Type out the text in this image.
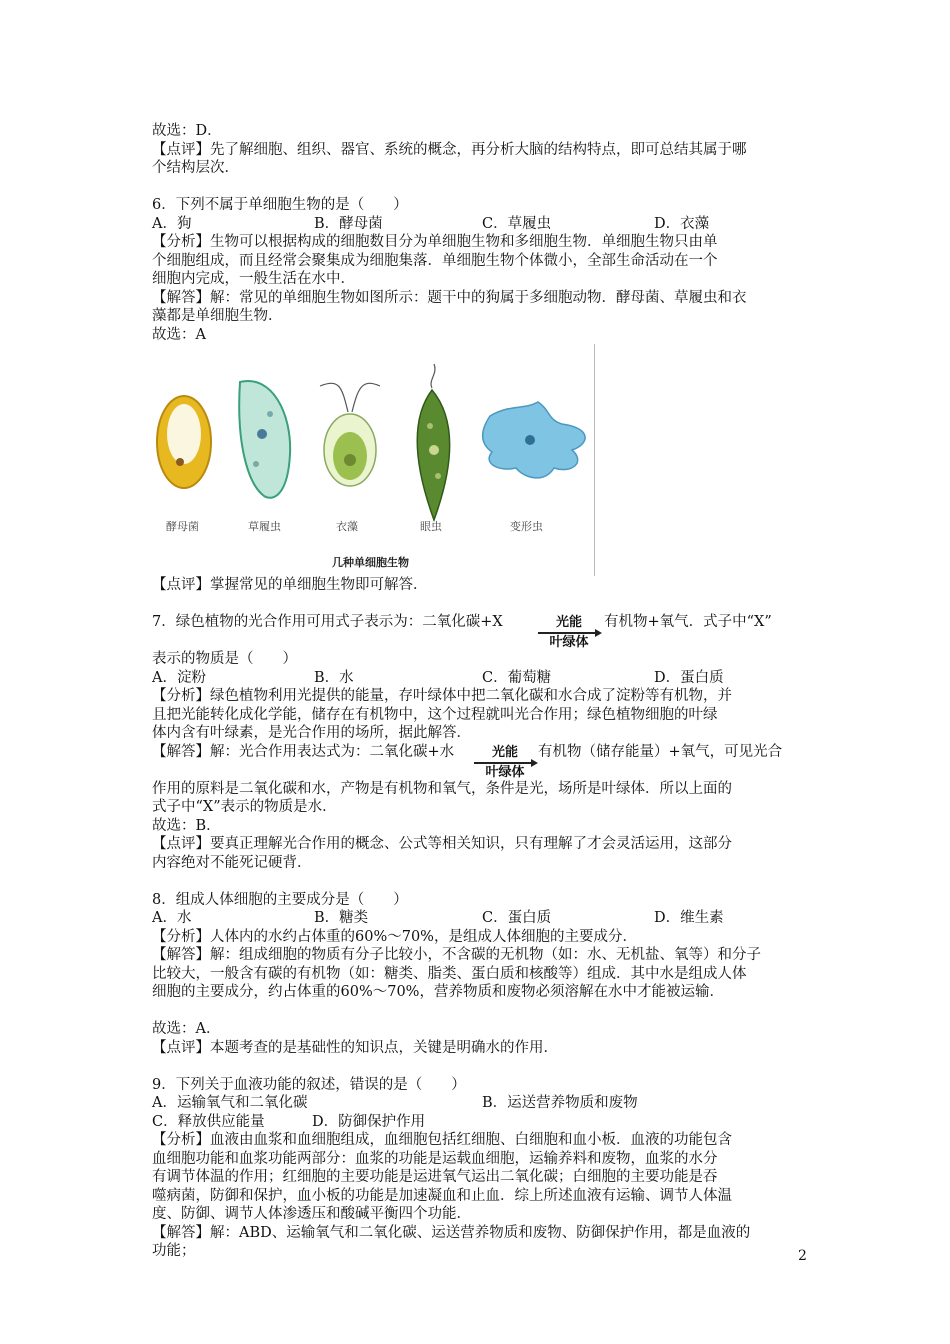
故选：D．
【点评】先了解细胞、组织、器官、系统的概念，再分析大脑的结构特点，即可总结其属于哪
个结构层次．
6．下列不属于单细胞生物的是（　　）
A．狗	B．酵母菌	C．草履虫	D．衣藻
【分析】生物可以根据构成的细胞数目分为单细胞生物和多细胞生物．单细胞生物只由单
个细胞组成，而且经常会聚集成为细胞集落．单细胞生物个体微小，全部生命活动在一个
细胞内完成，一般生活在水中．
【解答】解：常见的单细胞生物如图所示：题干中的狗属于多细胞动物．酵母菌、草履虫和衣
藻都是单细胞生物．
故选：A
酵母菌	草履虫	衣藻	眼虫	变形虫
几种单细胞生物
【点评】掌握常见的单细胞生物即可解答．
7．绿色植物的光合作用可用式子表示为：二氧化碳+X	光能
叶绿体
有机物+氧气．式子中“X”
表示的物质是（　　）
A．淀粉	B．水	C．葡萄糖	D．蛋白质
【分析】绿色植物利用光提供的能量，存叶绿体中把二氧化碳和水合成了淀粉等有机物，并
且把光能转化成化学能，储存在有机物中，这个过程就叫光合作用；绿色植物细胞的叶绿
体内含有叶绿素，是光合作用的场所，据此解答．
【解答】解：光合作用表达式为：二氧化碳+水	光能
叶绿体
有机物（储存能量）+氧气，可见光合
作用的原料是二氧化碳和水，产物是有机物和氧气，条件是光，场所是叶绿体．所以上面的
式子中“X”表示的物质是水．
故选：B．
【点评】要真正理解光合作用的概念、公式等相关知识，只有理解了才会灵活运用，这部分
内容绝对不能死记硬背．
8．组成人体细胞的主要成分是（　　）
A．水	B．糖类	C．蛋白质	D．维生素
【分析】人体内的水约占体重的60%～70%，是组成人体细胞的主要成分．
【解答】解：组成细胞的物质有分子比较小，不含碳的无机物（如：水、无机盐、氧等）和分子
比较大，一般含有碳的有机物（如：糖类、脂类、蛋白质和核酸等）组成．其中水是组成人体
细胞的主要成分，约占体重的60%～70%，营养物质和废物必须溶解在水中才能被运输．
故选：A．
【点评】本题考查的是基础性的知识点，关键是明确水的作用．
9．下列关于血液功能的叙述，错误的是（　　）
A．运输氧气和二氧化碳	B．运送营养物质和废物
C．释放供应能量	D．防御保护作用
【分析】血液由血浆和血细胞组成，血细胞包括红细胞、白细胞和血小板．血液的功能包含
血细胞功能和血浆功能两部分：血浆的功能是运载血细胞，运输养料和废物，血浆的水分
有调节体温的作用；红细胞的主要功能是运进氧气运出二氧化碳；白细胞的主要功能是吞
噬病菌，防御和保护，血小板的功能是加速凝血和止血．综上所述血液有运输、调节人体温
度、防御、调节人体渗透压和酸碱平衡四个功能．
【解答】解：ABD、运输氧气和二氧化碳、运送营养物质和废物、防御保护作用，都是血液的
功能；	2
